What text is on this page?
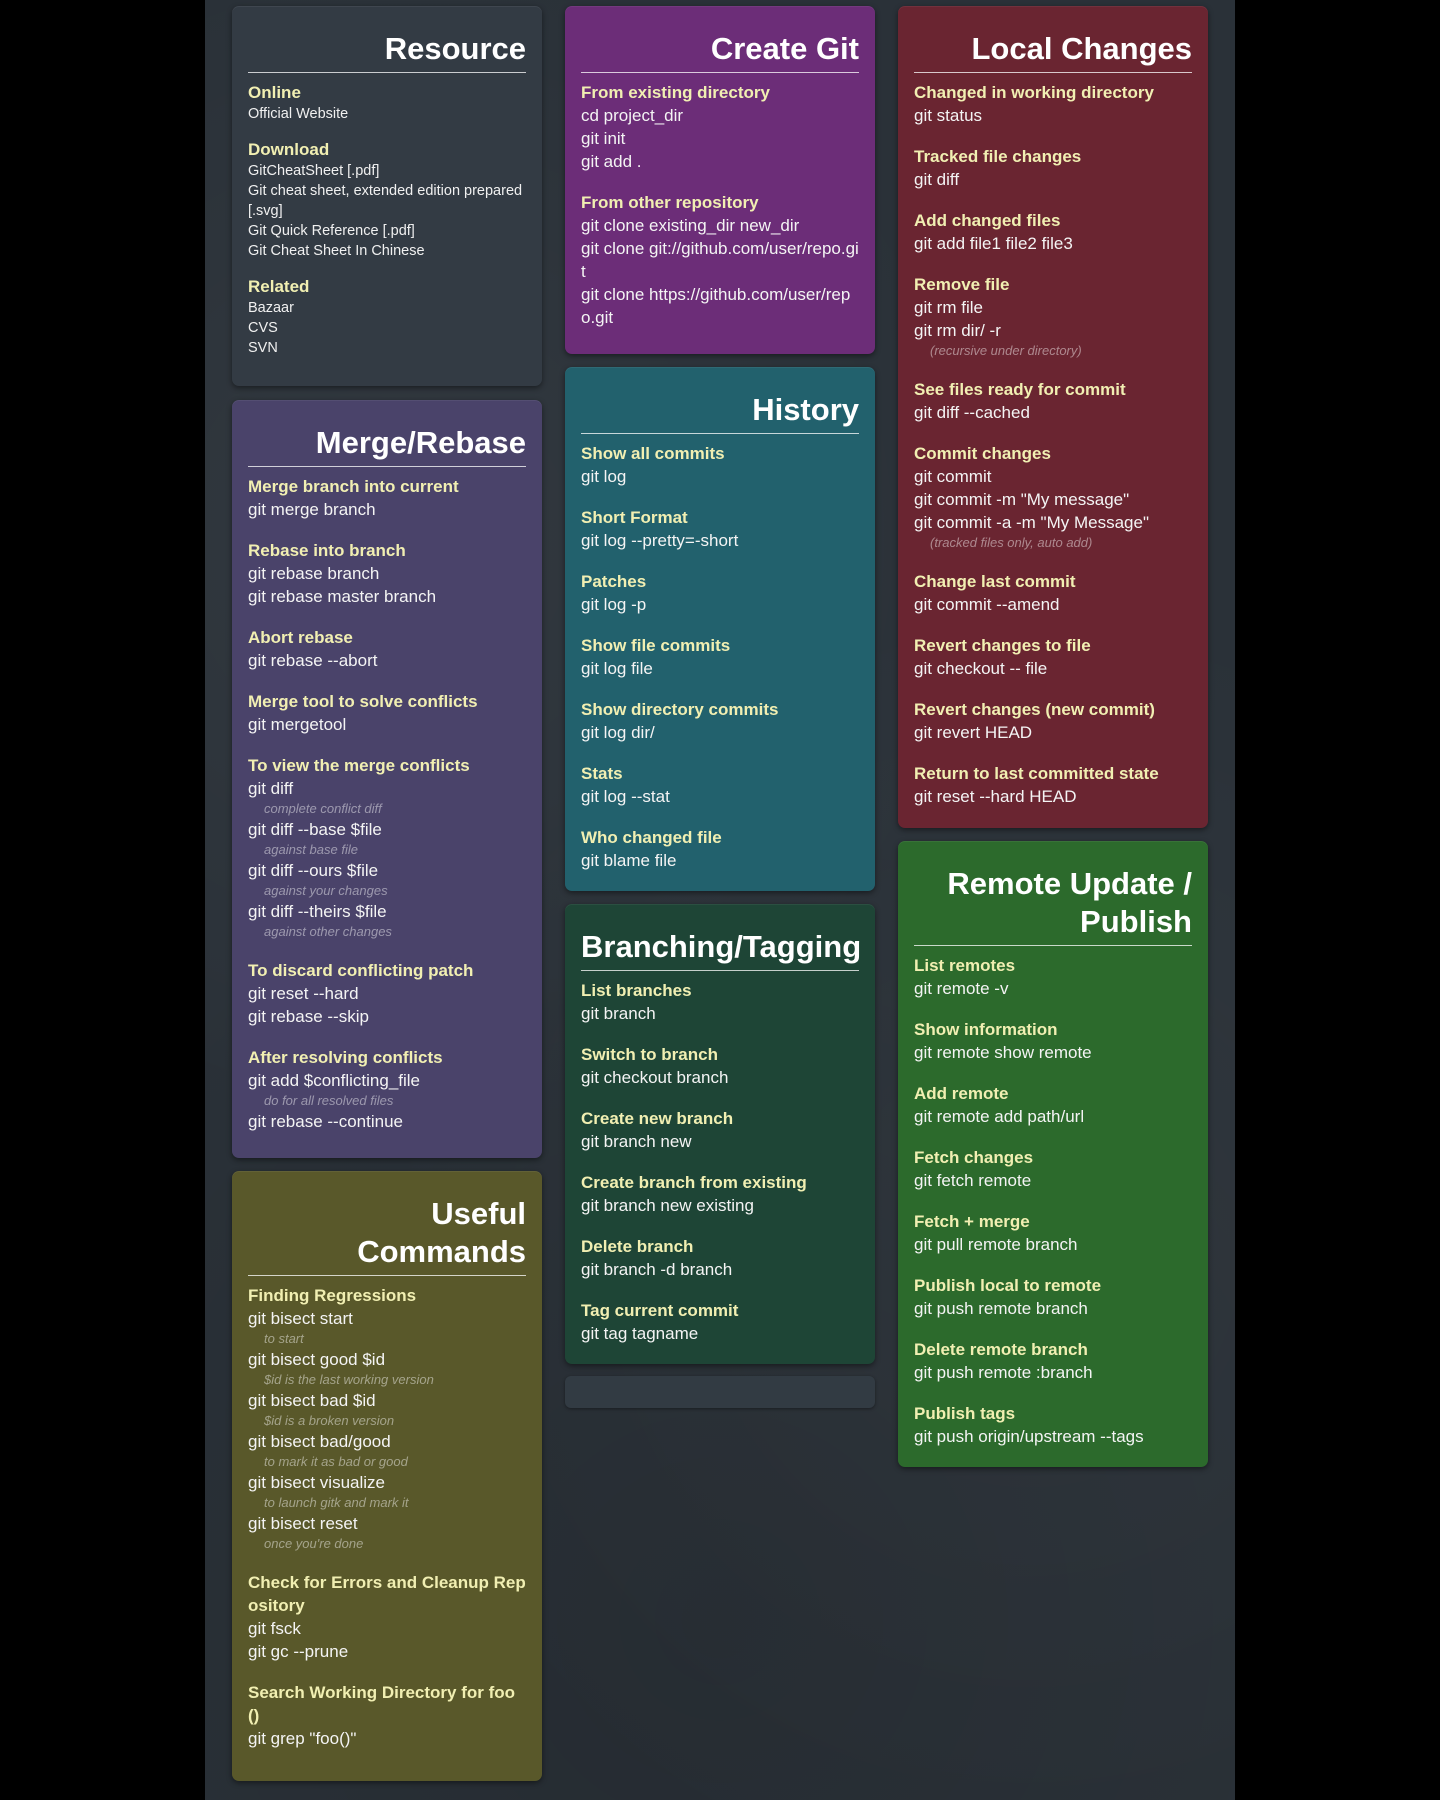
Resource
Online
Official Website
Download
GitCheatSheet [.pdf]
Git cheat sheet, extended edition prepared [.svg]
Git Quick Reference [.pdf]
Git Cheat Sheet In Chinese
Related
Bazaar
CVS
SVN
Merge/Rebase
Merge branch into current
git merge branch
Rebase into branch
git rebase branch
git rebase master branch
Abort rebase
git rebase --abort
Merge tool to solve conflicts
git mergetool
To view the merge conflicts
git diff
complete conflict diff
git diff --base $file
against base file
git diff --ours $file
against your changes
git diff --theirs $file
against other changes
To discard conflicting patch
git reset --hard
git rebase --skip
After resolving conflicts
git add $conflicting_file
do for all resolved files
git rebase --continue
Useful
Commands
Finding Regressions
git bisect start
to start
git bisect good $id
$id is the last working version
git bisect bad $id
$id is a broken version
git bisect bad/good
to mark it as bad or good
git bisect visualize
to launch gitk and mark it
git bisect reset
once you're done
Check for Errors and Cleanup Repository
git fsck
git gc --prune
Search Working Directory for foo()
git grep "foo()"
Create Git
From existing directory
cd project_dir
git init
git add .
From other repository
git clone existing_dir new_dir
git clone git://github.com/user/repo.git
git clone https://github.com/user/repo.git
History
Show all commits
git log
Short Format
git log --pretty=-short
Patches
git log -p
Show file commits
git log file
Show directory commits
git log dir/
Stats
git log --stat
Who changed file
git blame file
Branching/Tagging
List branches
git branch
Switch to branch
git checkout branch
Create new branch
git branch new
Create branch from existing
git branch new existing
Delete branch
git branch -d branch
Tag current commit
git tag tagname
Local Changes
Changed in working directory
git status
Tracked file changes
git diff
Add changed files
git add file1 file2 file3
Remove file
git rm file
git rm dir/ -r
(recursive under directory)
See files ready for commit
git diff --cached
Commit changes
git commit
git commit -m "My message"
git commit -a -m "My Message"
(tracked files only, auto add)
Change last commit
git commit --amend
Revert changes to file
git checkout -- file
Revert changes (new commit)
git revert HEAD
Return to last committed state
git reset --hard HEAD
Remote Update /
Publish
List remotes
git remote -v
Show information
git remote show remote
Add remote
git remote add path/url
Fetch changes
git fetch remote
Fetch + merge
git pull remote branch
Publish local to remote
git push remote branch
Delete remote branch
git push remote :branch
Publish tags
git push origin/upstream --tags
